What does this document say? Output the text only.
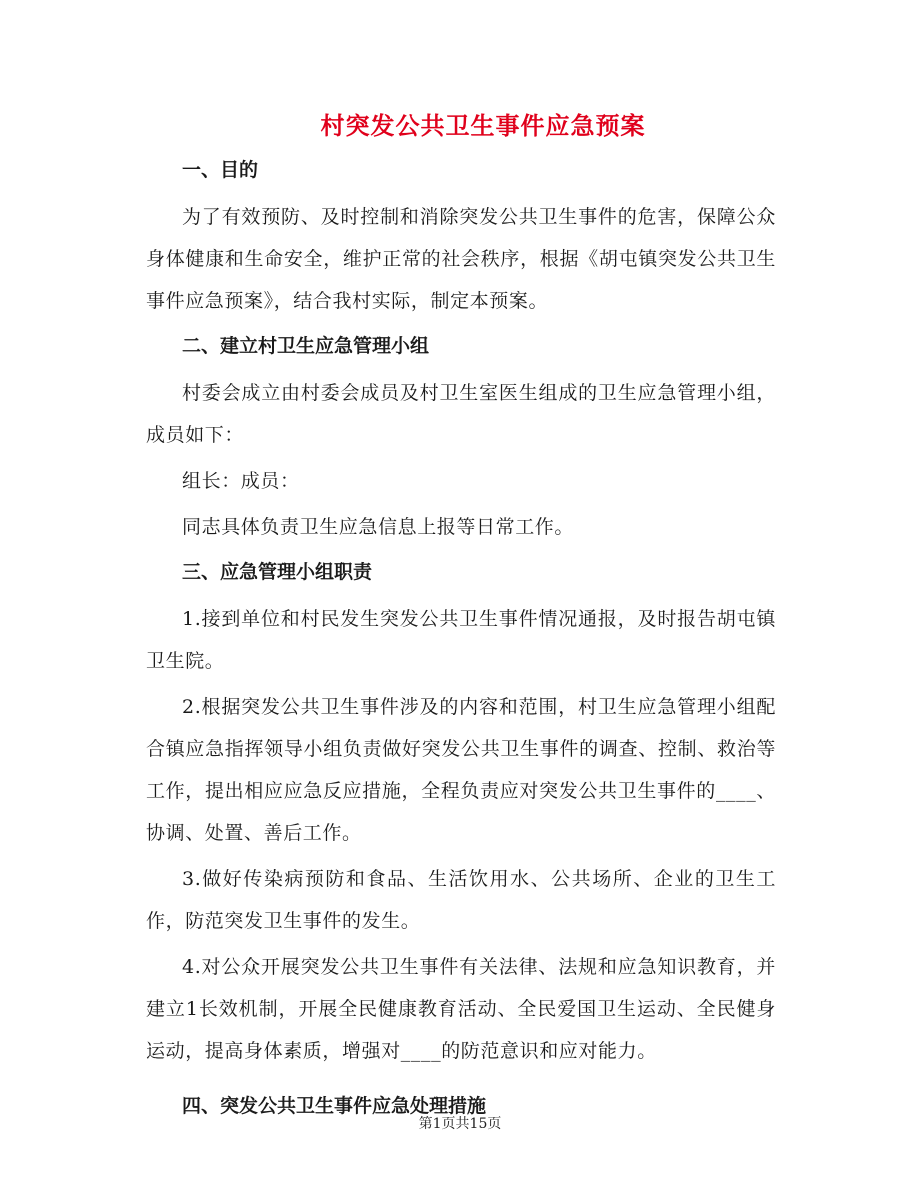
村突发公共卫生事件应急预案
一、目的

为了有效预防、及时控制和消除突发公共卫生事件的危害，保障公众身体健康和生命安全，维护正常的社会秩序，根据《胡屯镇突发公共卫生事件应急预案》，结合我村实际，制定本预案。

二、建立村卫生应急管理小组

村委会成立由村委会成员及村卫生室医生组成的卫生应急管理小组，成员如下：

组长：成员：

同志具体负责卫生应急信息上报等日常工作。

三、应急管理小组职责

1.接到单位和村民发生突发公共卫生事件情况通报，及时报告胡屯镇卫生院。

2.根据突发公共卫生事件涉及的内容和范围，村卫生应急管理小组配合镇应急指挥领导小组负责做好突发公共卫生事件的调查、控制、救治等工作，提出相应应急反应措施，全程负责应对突发公共卫生事件的____、协调、处置、善后工作。

3.做好传染病预防和食品、生活饮用水、公共场所、企业的卫生工作，防范突发卫生事件的发生。

4.对公众开展突发公共卫生事件有关法律、法规和应急知识教育，并建立1长效机制，开展全民健康教育活动、全民爱国卫生运动、全民健身运动，提高身体素质，增强对____的防范意识和应对能力。

四、突发公共卫生事件应急处理措施
第1页共15页
